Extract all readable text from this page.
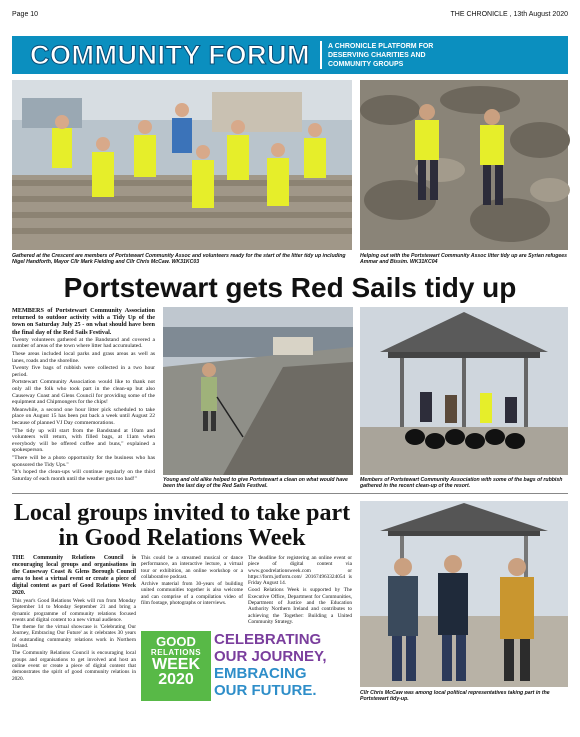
Page 10	THE CHRONICLE , 13th August 2020
COMMUNITY FORUM	A CHRONICLE PLATFORM FOR DESERVING CHARITIES AND COMMUNITY GROUPS
Gathered at the Crescent are members of Portstewart Community Assoc and volunteers ready for the start of the litter tidy up including Nigel Handforth, Mayor Cllr Mark Fielding and Cllr Chris McCaw. WK31KC03
Helping out with the Portstewart Community Assoc litter tidy up are Syrian refugees Ammar and Bissim. WK31KC04
Portstewart gets Red Sails tidy up

MEMBERS of Portstewart Community Association returned to outdoor activity with a Tidy Up of the town on Saturday July 25 - on what should have been the final day of the Red Sails Festival.

Twenty volunteers gathered at the Bandstand and covered a number of areas of the town where litter had accumulated.

These areas included local parks and grass areas as well as lanes, roads and the shoreline.

Twenty five bags of rubbish were collected in a two hour period.

Portstewart Community Association would like to thank not only all the folk who took part in the clean-up but also Causeway Coast and Glens Council for providing some of the equipment and Chipmongers for the chips!

Meanwhile, a second one hour litter pick scheduled to take place on August 15 has been put back a week until August 22 because of planned VJ Day commemorations.

"The tidy up will start from the Bandstand at 10am and volunteers will return, with filled bags, at 11am when everybody will be offered coffee and buns," explained a spokesperson.

"There will be a photo opportunity for the business who has sponsored the Tidy Ups."

"It's hoped the clean-ups will continue regularly on the third Saturday of each month until the weather gets too bad!"	Young and old alike helped to give Portstewart a clean on what would have been the last day of the Red Sails Festival.
Members of Portstewart Community Association with some of the bags of rubbish gathered in the recent clean-up of the resort.
Local groups invited to take part in Good Relations Week

THE Community Relations Council is encouraging local groups and organisations in the Causeway Coast & Glens Borough Council area to host a virtual event or create a piece of digital content as part of Good Relations Week 2020.

This year's Good Relations Week will run from Monday September 14 to Monday September 21 and bring a dynamic programme of community relations focused events and digital content to a new virtual audience.

The theme for the virtual showcase is 'Celebrating Our Journey, Embracing Our Future' as it celebrates 30 years of outstanding community relations work in Northern Ireland.

The Community Relations Council is encouraging local groups and organisations to get involved and host an online event or create a piece of digital content that demonstrates the spirit of good community relations in 2020.

This could be a streamed musical or dance performance, an interactive lecture, a virtual tour or exhibition, an online workshop or a collaborative podcast.

Archive material from 30-years of building united communities together is also welcome and can comprise of a compilation video of film footage, photographs or interviews.

The deadline for registering an online event or piece of digital content via www.goodrelationsweek.com or https://form.jotform.com/ 201674963324054 is Friday August 14.

Good Relations Week is supported by The Executive Office, Department for Communities, Department of Justice and the Education Authority Northern Ireland and contributes to achieving the Together: Building a United Community Strategy.

GOOD
RELATIONS
WEEK
2020
CELEBRATING
OUR JOURNEY,
EMBRACING
OUR FUTURE.	Cllr Chris McCaw was among local political representatives taking part in the Portstewart tidy-up.
